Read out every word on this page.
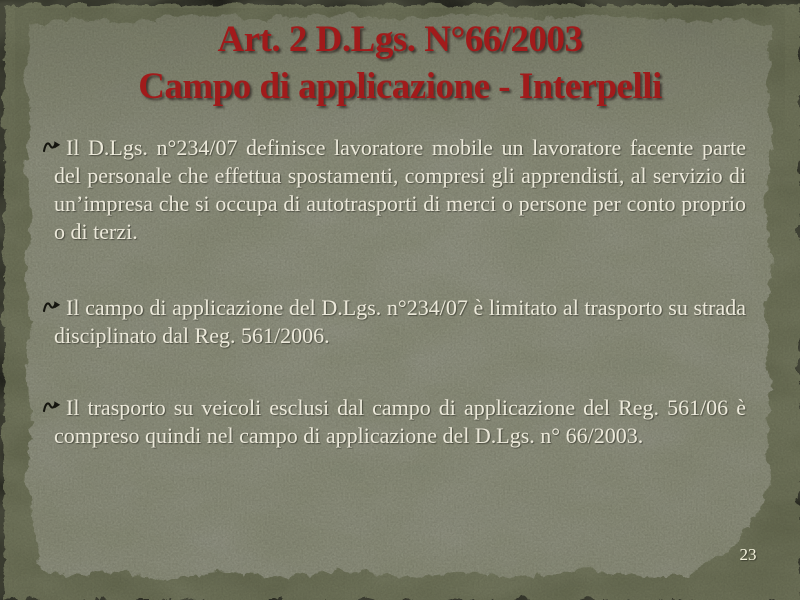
Art. 2 D.Lgs. N°66/2003
Campo di applicazione - Interpelli
Il D.Lgs. n°234/07 definisce lavoratore mobile un lavoratore facente parte del personale che effettua spostamenti, compresi gli apprendisti, al servizio di un’impresa che si occupa di autotrasporti di merci o persone per conto proprio o di terzi.
Il campo di applicazione del D.Lgs. n°234/07 è limitato al trasporto su strada disciplinato dal Reg. 561/2006.
Il trasporto su veicoli esclusi dal campo di applicazione del Reg. 561/06 è compreso quindi nel campo di applicazione del D.Lgs. n° 66/2003.
23
